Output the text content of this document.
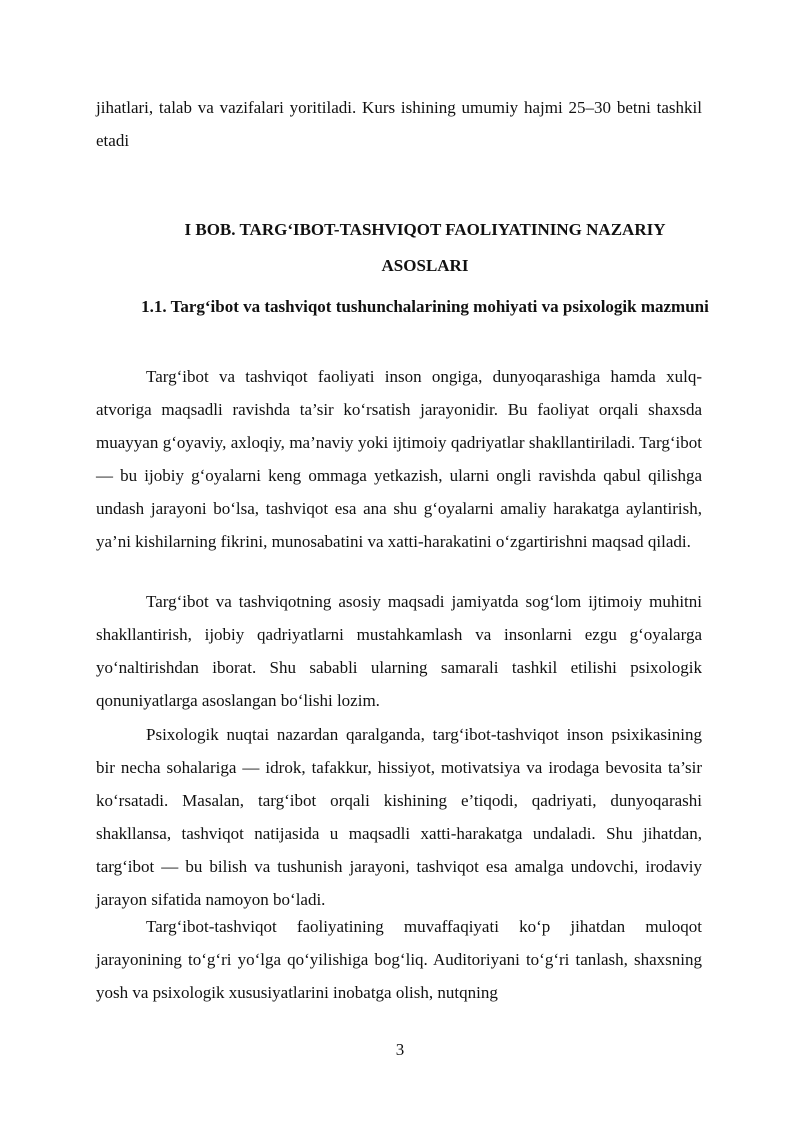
jihatlari, talab va vazifalari yoritiladi. Kurs ishining umumiy hajmi 25–30 betni tashkil etadi

I BOB. TARG‘IBOT-TASHVIQOT FAOLIYATINING NAZARIY ASOSLARI

1.1. Targ‘ibot va tashviqot tushunchalarining mohiyati va psixologik mazmuni

Targ‘ibot va tashviqot faoliyati inson ongiga, dunyoqarashiga hamda xulq-atvoriga maqsadli ravishda ta’sir ko‘rsatish jarayonidir. Bu faoliyat orqali shaxsda muayyan g‘oyaviy, axloqiy, ma’naviy yoki ijtimoiy qadriyatlar shakllantiriladi. Targ‘ibot — bu ijobiy g‘oyalarni keng ommaga yetkazish, ularni ongli ravishda qabul qilishga undash jarayoni bo‘lsa, tashviqot esa ana shu g‘oyalarni amaliy harakatga aylantirish, ya’ni kishilarning fikrini, munosabatini va xatti-harakatini o‘zgartirishni maqsad qiladi.

Targ‘ibot va tashviqotning asosiy maqsadi jamiyatda sog‘lom ijtimoiy muhitni shakllantirish, ijobiy qadriyatlarni mustahkamlash va insonlarni ezgu g‘oyalarga yo‘naltirishdan iborat. Shu sababli ularning samarali tashkil etilishi psixologik qonuniyatlarga asoslangan bo‘lishi lozim.

Psixologik nuqtai nazardan qaralganda, targ‘ibot-tashviqot inson psixikasining bir necha sohalariga — idrok, tafakkur, hissiyot, motivatsiya va irodaga bevosita ta’sir ko‘rsatadi. Masalan, targ‘ibot orqali kishining e’tiqodi, qadriyati, dunyoqarashi shakllansa, tashviqot natijasida u maqsadli xatti-harakatga undaladi. Shu jihatdan, targ‘ibot — bu bilish va tushunish jarayoni, tashviqot esa amalga undovchi, irodaviy jarayon sifatida namoyon bo‘ladi.

Targ‘ibot-tashviqot faoliyatining muvaffaqiyati ko‘p jihatdan muloqot jarayonining to‘g‘ri yo‘lga qo‘yilishiga bog‘liq. Auditoriyani to‘g‘ri tanlash, shaxsning yosh va psixologik xususiyatlarini inobatga olish, nutqning

3
